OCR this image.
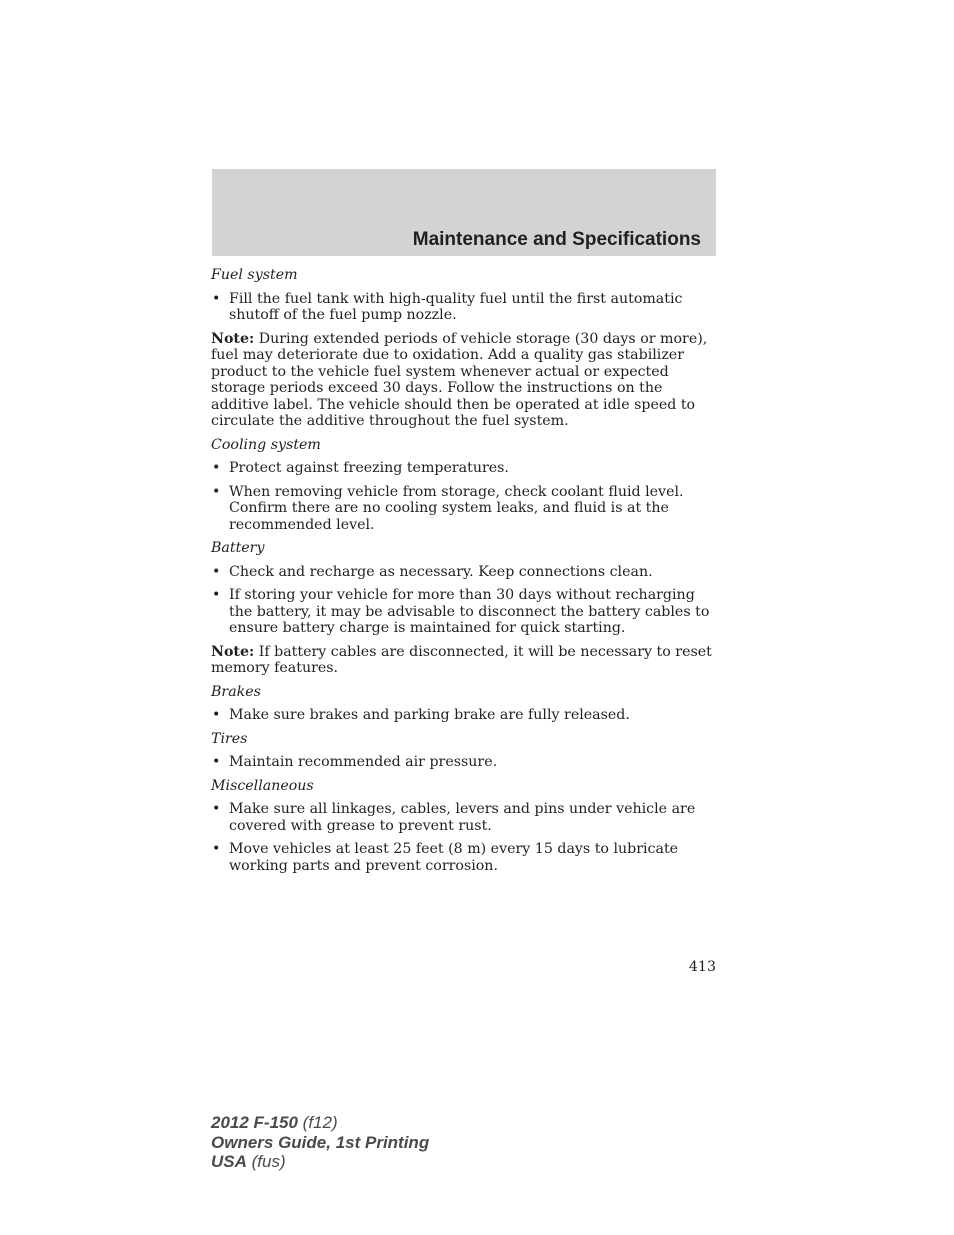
Maintenance and Specifications

Fuel system

• Fill the fuel tank with high-quality fuel until the first automatic shutoff of the fuel pump nozzle.

Note: During extended periods of vehicle storage (30 days or more), fuel may deteriorate due to oxidation. Add a quality gas stabilizer product to the vehicle fuel system whenever actual or expected storage periods exceed 30 days. Follow the instructions on the additive label. The vehicle should then be operated at idle speed to circulate the additive throughout the fuel system.

Cooling system

• Protect against freezing temperatures.
• When removing vehicle from storage, check coolant fluid level. Confirm there are no cooling system leaks, and fluid is at the recommended level.

Battery

• Check and recharge as necessary. Keep connections clean.
• If storing your vehicle for more than 30 days without recharging the battery, it may be advisable to disconnect the battery cables to ensure battery charge is maintained for quick starting.

Note: If battery cables are disconnected, it will be necessary to reset memory features.

Brakes

• Make sure brakes and parking brake are fully released.

Tires

• Maintain recommended air pressure.

Miscellaneous

• Make sure all linkages, cables, levers and pins under vehicle are covered with grease to prevent rust.
• Move vehicles at least 25 feet (8 m) every 15 days to lubricate working parts and prevent corrosion.
413
2012 F-150 (f12)
Owners Guide, 1st Printing
USA (fus)
